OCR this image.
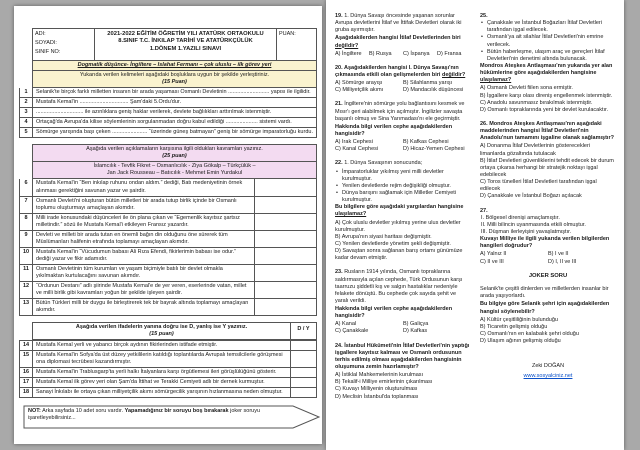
ADI:
SOYADI:
SINIF NO:
2021-2022 EĞİTİM ÖĞRETİM YILI ATATÜRK ORTAOKULU
8.SINIF T.C. İNKILAP TARİHİ VE ATATÜRKÇÜLÜK
1.DÖNEM 1.YAZILI SINAVI
PUAN:
Dogmatik düşünce- İngiltere – Islahat Fermanı – çok uluslu – ilk görev yeri
Yukarıda verilen kelimeleri aşağıdaki boşluklara uygun bir şekilde yerleştiriniz.
(15 Puan)
1	Selanik'te birçok farklı milletten insanın bir arada yaşaması Osmanlı Devletinin ........................... yapısı ile ilgilidir.
2	Mustafa Kemal'in ................................ Şam'daki 5.Ordu'dur.
3	............................... ile azınlıklara geniş haklar verilerek, devlete bağlılıkları arttırılmak istenmiştir.
4	Ortaçağ'da Avrupa'da kilise söylemlerinin sorgulanmadan doğru kabul edildiği ..................... sistemi vardı.
5	Sömürge yarışında başı çeken ....................... “üzerinde güneş batmayan” geniş bir sömürge imparatorluğu kurdu.
Aşağıda verilen açıklamaların karşısına ilgili oldukları kavramları yazınız.
(25 puan)
İslamcılık - Tevfik Fikret – Osmanlıcılık - Ziya Gökalp – Türkçülük –
Jan Jack Rousseau – Batıcılık - Mehmet Emin Yurdakul
6	Mustafa Kemal'in “Ben inkılap ruhunu ondan aldım.” dediği, Batı medeniyetinin örnek alınması gerektiğini savunan yazar ve şairdir.
7	Osmanlı Devleti'ni oluşturan bütün milletleri bir arada tutup birlik içinde bir Osmanlı toplumu oluşturmayı amaçlayan akımdır.
8	Milli irade konusundaki düşünceleri ile ön plana çıkan ve “Egemenlik kayıtsız şartsız milletindir.” sözü ile Mustafa Kemal'i etkileyen Fransız yazardır.
9	Devleti ve milleti bir arada tutan en önemli bağın din olduğunu öne sürerek tüm Müslümanları halifenin etrafında toplamayı amaçlayan akımdır.
10	Mustafa Kemal'in “Vücudumun babası Ali Rıza Efendi, fikirlerimin babası ise odur.” dediği yazar ve fikir adamıdır.
11	Osmanlı Devletinin tüm kurumları ve yaşam biçimiyle batılı bir devlet olmakla yıkılmaktan kurtulacağını savunan akımdır.
12	“Ordunun Destanı” adlı şiirinde Mustafa Kemal'e de yer veren, eserlerinde vatan, millet ve milli birlik gibi kavramları yoğun bir şekilde işleyen şairdir.
13	Bütün Türkleri milli bir duygu ile birleştirerek tek bir bayrak altında toplamayı amaçlayan akımdır.
Aşağıda verilen ifadelerin yanına doğru ise D, yanlış ise Y yazınız.
(15 puan)
D / Y
14	Mustafa Kemal yerli ve yabancı birçok aydının fikirlerinden istifade etmiştir.
15	Mustafa Kemal'in Sofya'da üst düzey yetkililerin katıldığı toplantılarda Avrupalı temsilcilerle görüşmesi ona diplomasi tecrübesi kazandırmıştır.
16	Mustafa Kemal'in Trablusgarp'ta yerli halkı İtalyanlara karşı örgütlemesi ileri görüşlülüğünü gösterir.
17	Mustafa Kemal ilk görev yeri olan Şam'da İttihat ve Terakki Cemiyeti adlı bir dernek kurmuştur.
18	Sanayi İnkılabı ile ortaya çıkan milliyetçilik akımı sömürgecilik yarışının hızlanmasına neden olmuştur.
NOT: Arka sayfada 10 adet soru vardır. Yapamadığınız bir soruyu boş bırakarak joker soruyu işaretleyebilirsiniz...
19. 1. Dünya Savaşı öncesinde yaşanan sorunlar Avrupa devletlerini İtilaf ve İttifak Devletleri olarak iki gruba ayırmıştır.
Aşağıdakilerden hangisi İtilaf Devletlerinden biri değildir?
A) İngiltere	B) Rusya	C) İspanya	D) Fransa
20. Aşağıdakilerden hangisi I. Dünya Savaşı'nın çıkmasında etkili olan gelişmelerden biri değildir?
A) Sömürge arayışı	B) Silahlanma yarışı
C) Milliyetçilik akımı	D) Mandacılık düşüncesi
21. İngiltere'nin sömürge yolu bağlantısını kesmek ve Mısır'ı geri alabilmek için açılmıştır. İngilizler savaşta başarılı olmuş ve Sina Yarımadası'nı ele geçirmiştir.
Hakkında bilgi verilen cephe aşağıdakilerden hangisidir?
A) Irak Cephesi	B) Kafkas Cephesi
C) Kanal Cephesi	D) Hicaz-Yemen Cephesi
22. 1. Dünya Savaşının sonucunda;
• İmparatorluklar yıkılmış yeni milli devletler kurulmuştur.
• Yenilen devletlerde rejim değişikliği olmuştur.
• Dünya barışını sağlamak için Milletler Cemiyeti kurulmuştur.
Bu bilgilere göre aşağıdaki yargılardan hangisine ulaşılamaz?
A) Çok uluslu devletler yıkılmış yerine ulus devletler kurulmuştur.
B) Avrupa'nın siyasi haritası değişmiştir.
C) Yenilen devletlerde yönetim şekli değişmiştir.
D) Savaştan sonra sağlanan barış ortamı günümüze kadar devam etmiştir.
23. Rusların 1914 yılında, Osmanlı topraklarına saldırmasıyla açılan cephede, Türk Ordusunun karşı taarruzu şiddetli kış ve salgın hastalıklar nedeniyle felakete dönüştü. Bu cephede çok sayıda şehit ve yaralı verildi.
Hakkında bilgi verilen cephe aşağıdakilerden hangisidir?
A) Kanal	B) Galiçya
C) Çanakkale	D) Kafkas
24. İstanbul Hükümeti'nin İtilaf Devletleri'nin yaptığı işgallere kayıtsız kalması ve Osmanlı ordusunun terhis edilmiş olması aşağıdakilerden hangisinin oluşumuna zemin hazırlamıştır?
A) İstiklal Mahkemelerinin kurulması
B) Tekalif-i Milliye emirlerinin çıkarılması
C) Kuvayı Milliyenin oluşturulması
D) Meclisin İstanbul'da toplanması
25.
• Çanakkale ve İstanbul Boğazları İtilaf Devletleri tarafından işgal edilecek.
• Osmanlı'ya ait silahlar İtilaf Devletleri'nin emrine verilecek.
• Bütün haberleşme, ulaşım araç ve gereçleri İtilaf Devletleri'nin denetimi altında bulunacak.
Mondros Ateşkes Antlaşması'nın yukarıda yer alan hükümlerine göre aşağıdakilerden hangisine ulaşılamaz?
A) Osmanlı Devleti fiilen sona ermiştir.
B) İşgallere karşı olası direniş engellenmek istenmiştir.
C) Anadolu savunmasız bırakılmak istenmiştir.
D) Osmanlı topraklarında yeni bir devlet kurulacaktır.
26. Mondros Ateşkes Antlaşması'nın aşağıdaki maddelerinden hangisi İtilaf Devletleri'nin Anadolu'nun tamamını işgaline olanak sağlamıştır?
A) Donanma İtilaf Devletlerinin gösterecekleri limanlarda gözaltında tutulacak
B) İtilaf Devletleri güvenliklerini tehdit edecek bir durum ortaya çıkarsa herhangi bir stratejik noktayı işgal edebilecek
C) Toros tünelleri İtilaf Devletleri tarafından işgal edilecek
D) Çanakkale ve İstanbul Boğazı açılacak
27.
I. Bölgesel direnişi amaçlamıştır.
II. Milli bilincin uyanmasında etkili olmuştur.
III. Düşman ilerleyişini yavaşlatmıştır.
Kuvayı Milliye ile ilgili yukarıda verilen bilgilerden hangileri doğrudur?
A) Yalnız II	B) I ve II
C) II ve III	D) I, II ve III
JOKER SORU
Selanik'te çeşitli dinlerden ve milletlerden insanlar bir arada yaşıyorlardı.
Bu bilgiye göre Selanik şehri için aşağıdakilerden hangisi söylenebilir?
A) Kültür çeşitliliğinin bulunduğu
B) Ticaretin gelişmiş olduğu
C) Osmanlı'nın en kalabalık şehri olduğu
D) Ulaşım ağının gelişmiş olduğu
Zeki DOĞAN
www.sosyalciniz.net
